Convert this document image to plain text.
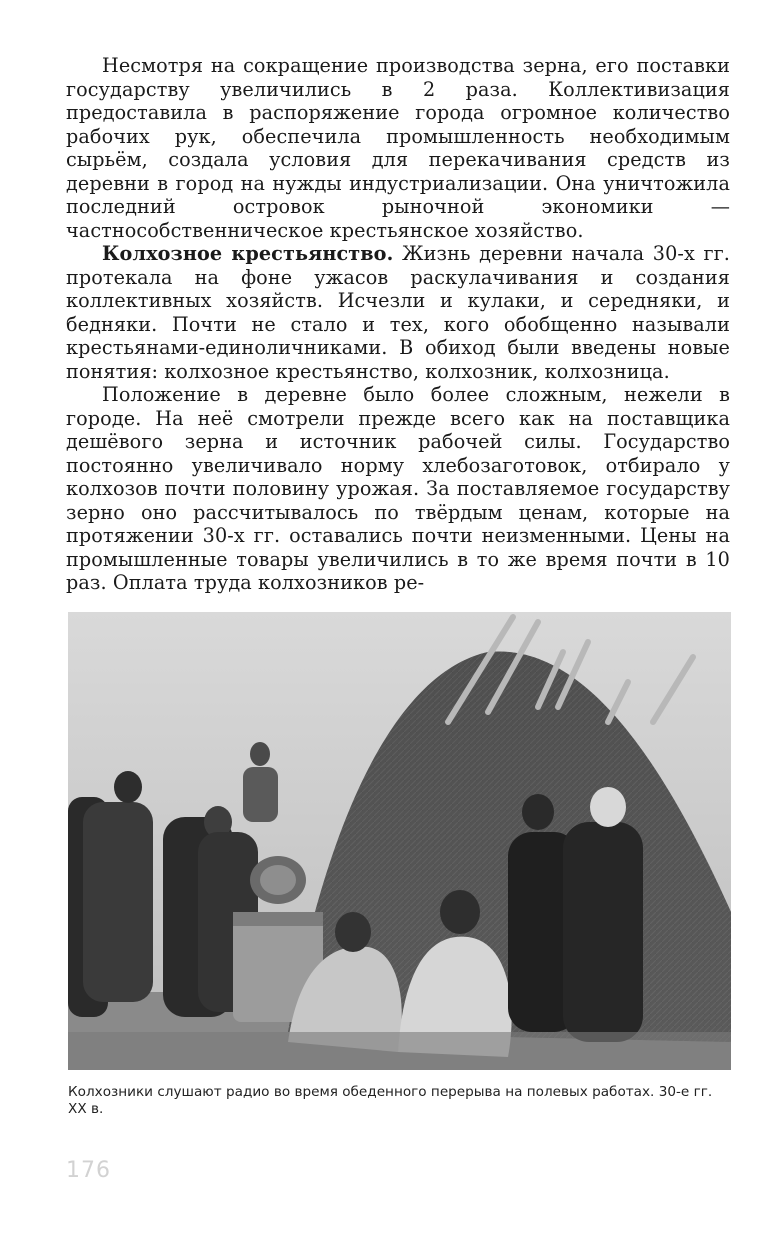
Несмотря на сокращение производства зерна, его поставки государству увеличились в 2 раза. Коллективизация предоставила в распоряжение города огромное количество рабочих рук, обеспечила промышленность необходимым сырьём, создала условия для перекачивания средств из деревни в город на нужды индустриализации. Она уничтожила последний островок рыночной экономики — частнособственническое крестьянское хозяйство.

Колхозное крестьянство. Жизнь деревни начала 30-х гг. протекала на фоне ужасов раскулачивания и создания коллективных хозяйств. Исчезли и кулаки, и середняки, и бедняки. Почти не стало и тех, кого обобщенно называли крестьянами-единоличниками. В обиход были введены новые понятия: колхозное крестьянство, колхозник, колхозница.

Положение в деревне было более сложным, нежели в городе. На неё смотрели прежде всего как на поставщика дешёвого зерна и источник рабочей силы. Государство постоянно увеличивало норму хлебозаготовок, отбирало у колхозов почти половину урожая. За поставляемое государству зерно оно рассчитывалось по твёрдым ценам, которые на протяжении 30-х гг. оставались почти неизменными. Цены на промышленные товары увеличились в то же время почти в 10 раз. Оплата труда колхозников ре-

Колхозники слушают радио во время обеденного перерыва на полевых работах. 30-е гг. XX в.
176
